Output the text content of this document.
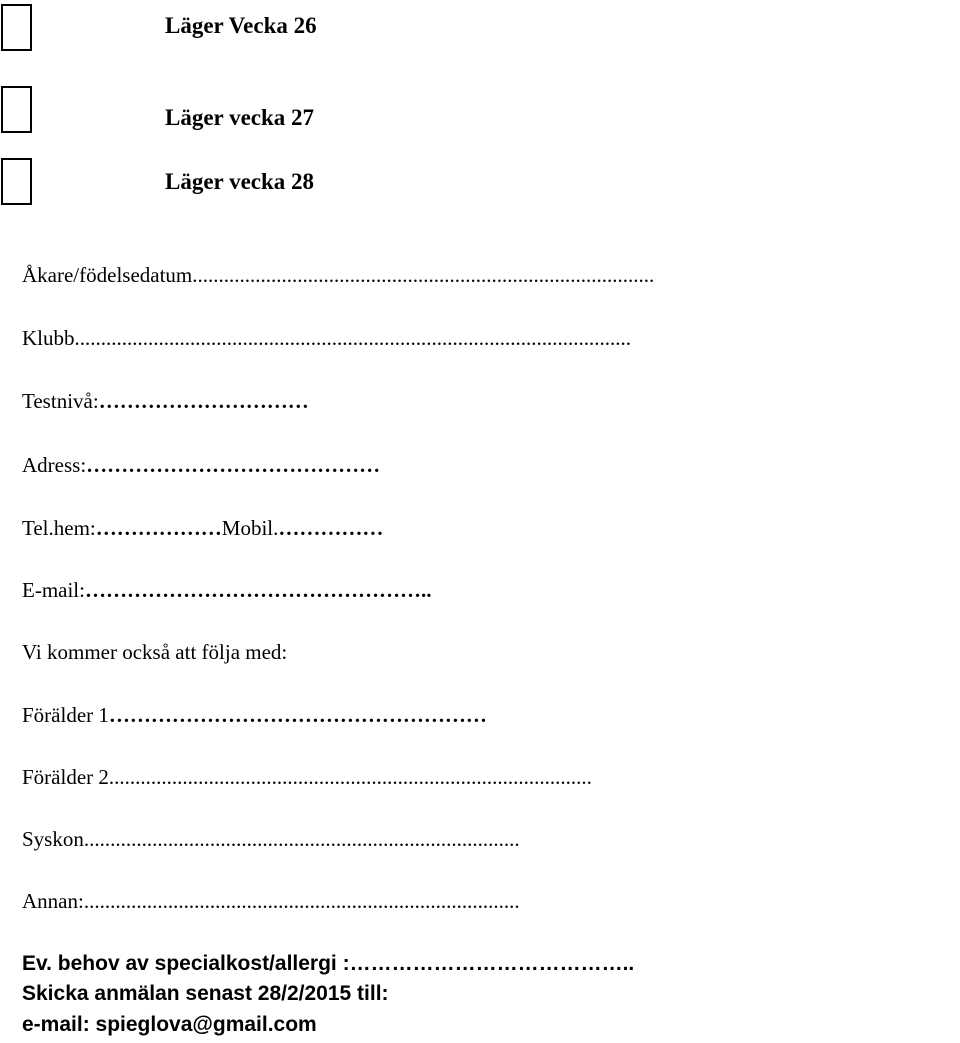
Läger Vecka 26
Läger vecka 27
Läger vecka 28
Åkare/födelsedatum........................................................................................
Klubb..........................................................................................................
Testnivå:…………………………
Adress:……………………………………
Tel.hem:………………Mobil.……………
E-mail:…………………………………………..
Vi kommer också att följa med:
Förälder 1………………………………………………
Förälder 2............................................................................................
Syskon...................................................................................
Annan:...................................................................................
Ev. behov av specialkost/allergi :…………………………………..
Skicka anmälan senast 28/2/2015 till:
e-mail: spieglova@gmail.com
